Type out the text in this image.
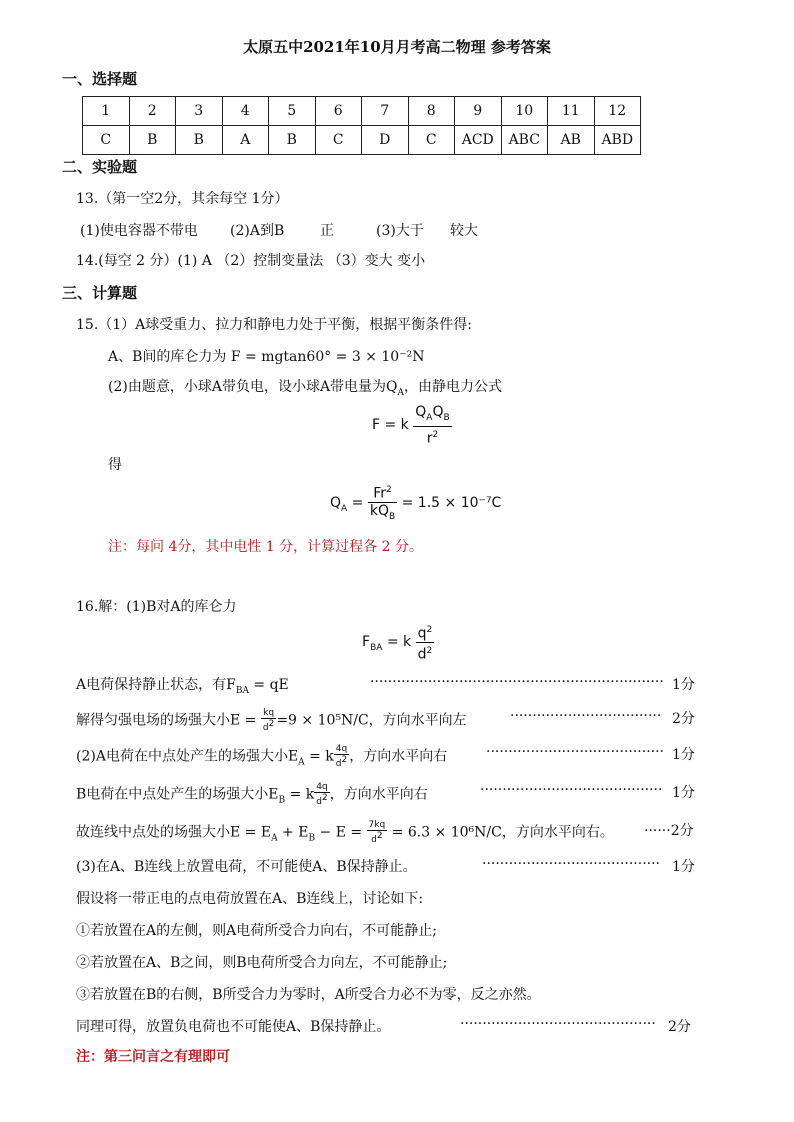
太原五中2021年10月月考高二物理 参考答案
一、选择题
1	2	3	4	5	6	7	8	9	10	11	12
C	B	B	A	B	C	D	C	ACD	ABC	AB	ABD
二、实验题
13.（第一空2分，其余每空 1分）
(1)使电容器不带电 (2)A到B	正	(3)大于 较大
14.(每空 2 分）(1) A （2）控制变量法 （3）变大 变小
三、计算题
15.（1）A球受重力、拉力和静电力处于平衡，根据平衡条件得:
A、B间的库仑力为 F = mgtan60° = 3 × 10⁻²N
(2)由题意，小球A带负电，设小球A带电量为$Q_A$，由静电力公式
F = k $\frac{Q_AQ_B}{r^2}$
得
$Q_A = \frac{Fr^2}{kQ_B} = 1.5 \times 10^{-7}C$
注：每问 4分，其中电性 1 分，计算过程各 2 分。
16.解：(1)B对A的库仑力
$F_{BA} = k \frac{q^2}{d^2}$
A电荷保持静止状态，有$F_{BA}$ = qE	·································································· 1分
解得匀强电场的场强大小$E = \frac{kq}{d^2} =9 \times 10^5N/C$，方向水平向左	·································· 2分
(2)A电荷在中点处产生的场强大小$E_A = k \frac{4q}{d^2}$ ，方向水平向右	········································ 1分
B电荷在中点处产生的场强大小$E_B = k \frac{4q}{d^2}$ ，方向水平向右	········································· 1分
故连线中点处的场强大小$E = E_A + E_B - E = \frac{7kq}{d^2} = 6.3 \times 10^6N/C$，方向水平向右。 ······2分
(3)在A、B连线上放置电荷，不可能使A、B保持静止。	········································ 1分
假设将一带正电的点电荷放置在A、B连线上，讨论如下:
①若放置在A的左侧，则A电荷所受合力向右，不可能静止;
②若放置在A、B之间，则B电荷所受合力向左，不可能静止;
③若放置在B的右侧，B所受合力为零时，A所受合力必不为零，反之亦然。
同理可得，放置负电荷也不可能使A、B保持静止。	············································ 2分
注：第三问言之有理即可
